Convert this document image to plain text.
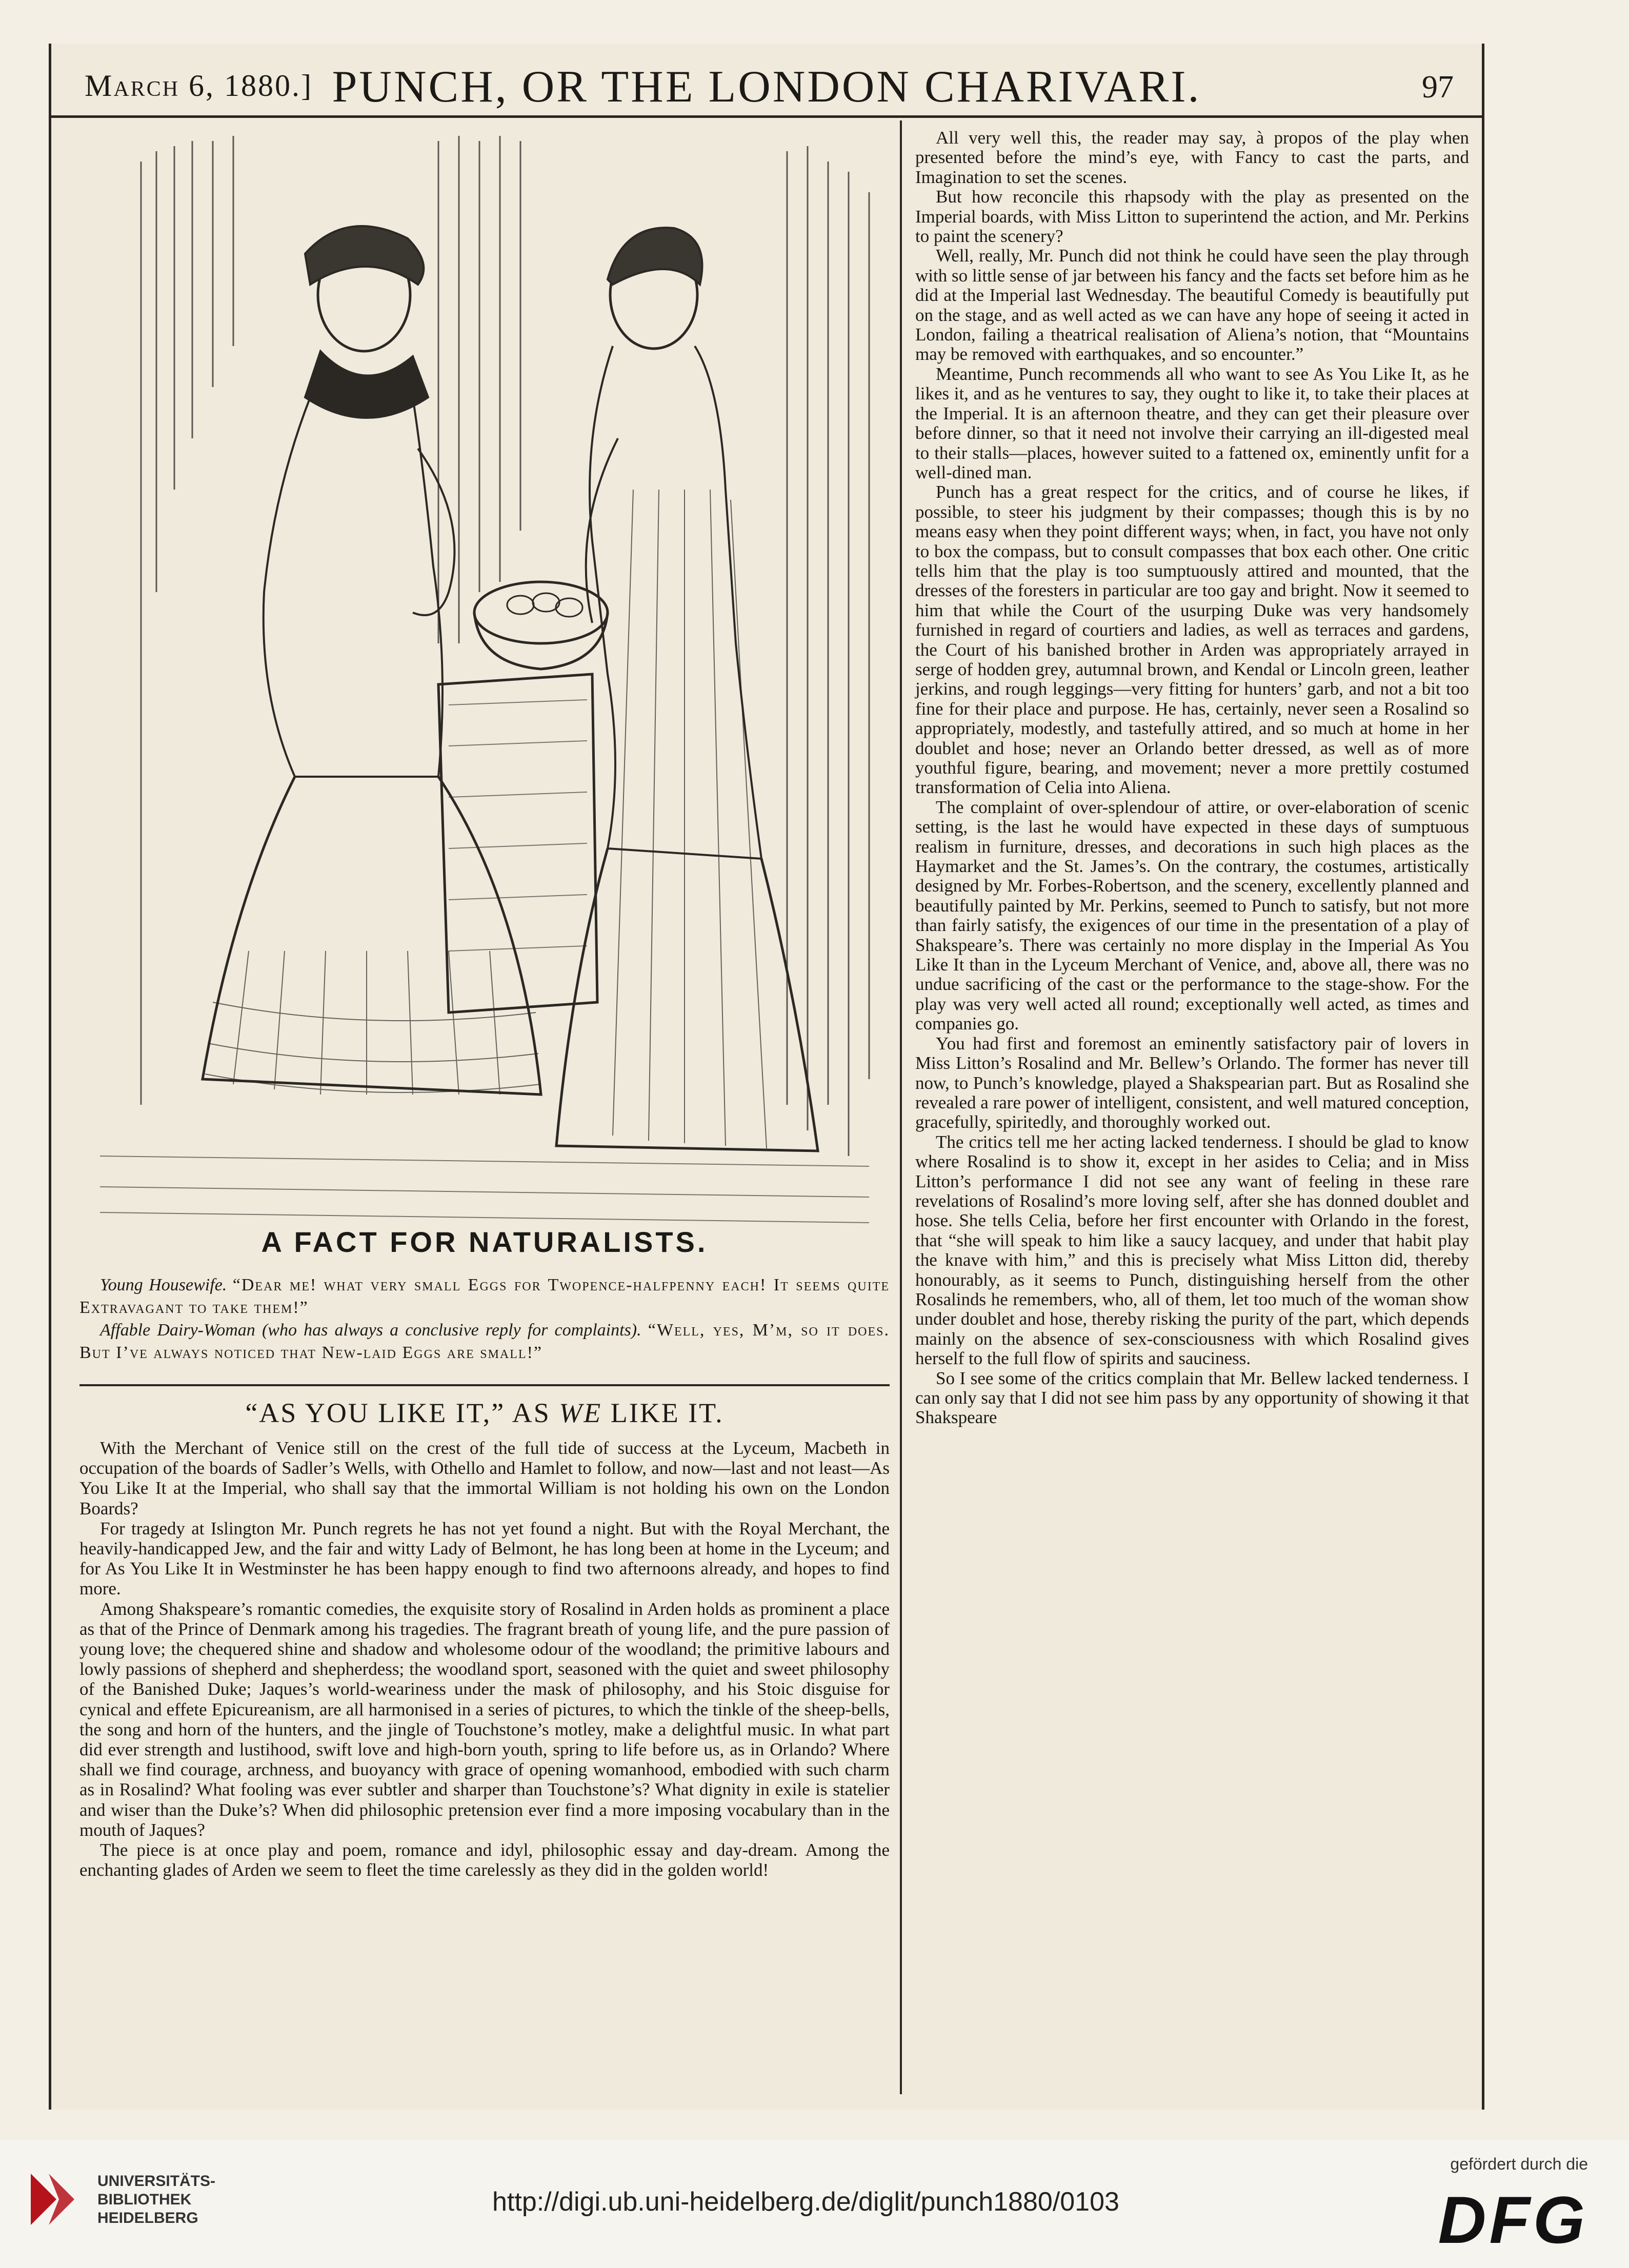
March 6, 1880.] PUNCH, OR THE LONDON CHARIVARI.	97
A FACT FOR NATURALISTS.

Young Housewife. “Dear me! what very small Eggs for Twopence-halfpenny each! It seems quite Extravagant to take them!”

Affable Dairy-Woman (who has always a conclusive reply for complaints). “Well, yes, M’m, so it does. But I’ve always noticed that New-laid Eggs are small!”

“AS YOU LIKE IT,” AS WE LIKE IT.

With the Merchant of Venice still on the crest of the full tide of success at the Lyceum, Macbeth in occupation of the boards of Sadler’s Wells, with Othello and Hamlet to follow, and now—last and not least—As You Like It at the Imperial, who shall say that the immortal William is not holding his own on the London Boards?

For tragedy at Islington Mr. Punch regrets he has not yet found a night. But with the Royal Merchant, the heavily-handicapped Jew, and the fair and witty Lady of Belmont, he has long been at home in the Lyceum; and for As You Like It in Westminster he has been happy enough to find two afternoons already, and hopes to find more.

Among Shakspeare’s romantic comedies, the exquisite story of Rosalind in Arden holds as prominent a place as that of the Prince of Denmark among his tragedies. The fragrant breath of young life, and the pure passion of young love; the chequered shine and shadow and wholesome odour of the woodland; the primitive labours and lowly passions of shepherd and shepherdess; the woodland sport, seasoned with the quiet and sweet philosophy of the Banished Duke; Jaques’s world-weariness under the mask of philosophy, and his Stoic disguise for cynical and effete Epicureanism, are all harmonised in a series of pictures, to which the tinkle of the sheep-bells, the song and horn of the hunters, and the jingle of Touchstone’s motley, make a delightful music. In what part did ever strength and lustihood, swift love and high-born youth, spring to life before us, as in Orlando? Where shall we find courage, archness, and buoyancy with grace of opening womanhood, embodied with such charm as in Rosalind? What fooling was ever subtler and sharper than Touchstone’s? What dignity in exile is statelier and wiser than the Duke’s? When did philosophic pretension ever find a more imposing vocabulary than in the mouth of Jaques?

The piece is at once play and poem, romance and idyl, philosophic essay and day-dream. Among the enchanting glades of Arden we seem to fleet the time carelessly as they did in the golden world!

All very well this, the reader may say, à propos of the play when presented before the mind’s eye, with Fancy to cast the parts, and Imagination to set the scenes.

But how reconcile this rhapsody with the play as presented on the Imperial boards, with Miss Litton to superintend the action, and Mr. Perkins to paint the scenery?

Well, really, Mr. Punch did not think he could have seen the play through with so little sense of jar between his fancy and the facts set before him as he did at the Imperial last Wednesday. The beautiful Comedy is beautifully put on the stage, and as well acted as we can have any hope of seeing it acted in London, failing a theatrical realisation of Aliena’s notion, that “Mountains may be removed with earthquakes, and so encounter.”

Meantime, Punch recommends all who want to see As You Like It, as he likes it, and as he ventures to say, they ought to like it, to take their places at the Imperial. It is an afternoon theatre, and they can get their pleasure over before dinner, so that it need not involve their carrying an ill-digested meal to their stalls—places, however suited to a fattened ox, eminently unfit for a well-dined man.

Punch has a great respect for the critics, and of course he likes, if possible, to steer his judgment by their compasses; though this is by no means easy when they point different ways; when, in fact, you have not only to box the compass, but to consult compasses that box each other. One critic tells him that the play is too sumptuously attired and mounted, that the dresses of the foresters in particular are too gay and bright. Now it seemed to him that while the Court of the usurping Duke was very handsomely furnished in regard of courtiers and ladies, as well as terraces and gardens, the Court of his banished brother in Arden was appropriately arrayed in serge of hodden grey, autumnal brown, and Kendal or Lincoln green, leather jerkins, and rough leggings—very fitting for hunters’ garb, and not a bit too fine for their place and purpose. He has, certainly, never seen a Rosalind so appropriately, modestly, and tastefully attired, and so much at home in her doublet and hose; never an Orlando better dressed, as well as of more youthful figure, bearing, and movement; never a more prettily costumed transformation of Celia into Aliena.

The complaint of over-splendour of attire, or over-elaboration of scenic setting, is the last he would have expected in these days of sumptuous realism in furniture, dresses, and decorations in such high places as the Haymarket and the St. James’s. On the contrary, the costumes, artistically designed by Mr. Forbes-Robertson, and the scenery, excellently planned and beautifully painted by Mr. Perkins, seemed to Punch to satisfy, but not more than fairly satisfy, the exigences of our time in the presentation of a play of Shakspeare’s. There was certainly no more display in the Imperial As You Like It than in the Lyceum Merchant of Venice, and, above all, there was no undue sacrificing of the cast or the performance to the stage-show. For the play was very well acted all round; exceptionally well acted, as times and companies go.

You had first and foremost an eminently satisfactory pair of lovers in Miss Litton’s Rosalind and Mr. Bellew’s Orlando. The former has never till now, to Punch’s knowledge, played a Shakspearian part. But as Rosalind she revealed a rare power of intelligent, consistent, and well matured conception, gracefully, spiritedly, and thoroughly worked out.

The critics tell me her acting lacked tenderness. I should be glad to know where Rosalind is to show it, except in her asides to Celia; and in Miss Litton’s performance I did not see any want of feeling in these rare revelations of Rosalind’s more loving self, after she has donned doublet and hose. She tells Celia, before her first encounter with Orlando in the forest, that “she will speak to him like a saucy lacquey, and under that habit play the knave with him,” and this is precisely what Miss Litton did, thereby honourably, as it seems to Punch, distinguishing herself from the other Rosalinds he remembers, who, all of them, let too much of the woman show under doublet and hose, thereby risking the purity of the part, which depends mainly on the absence of sex-consciousness with which Rosalind gives herself to the full flow of spirits and sauciness.

So I see some of the critics complain that Mr. Bellew lacked tenderness. I can only say that I did not see him pass by any opportunity of showing it that Shakspeare

UNIVERSITÄTS-
BIBLIOTHEK
HEIDELBERG
http://digi.ub.uni-heidelberg.de/diglit/punch1880/0103
gefördert durch die
DFG
